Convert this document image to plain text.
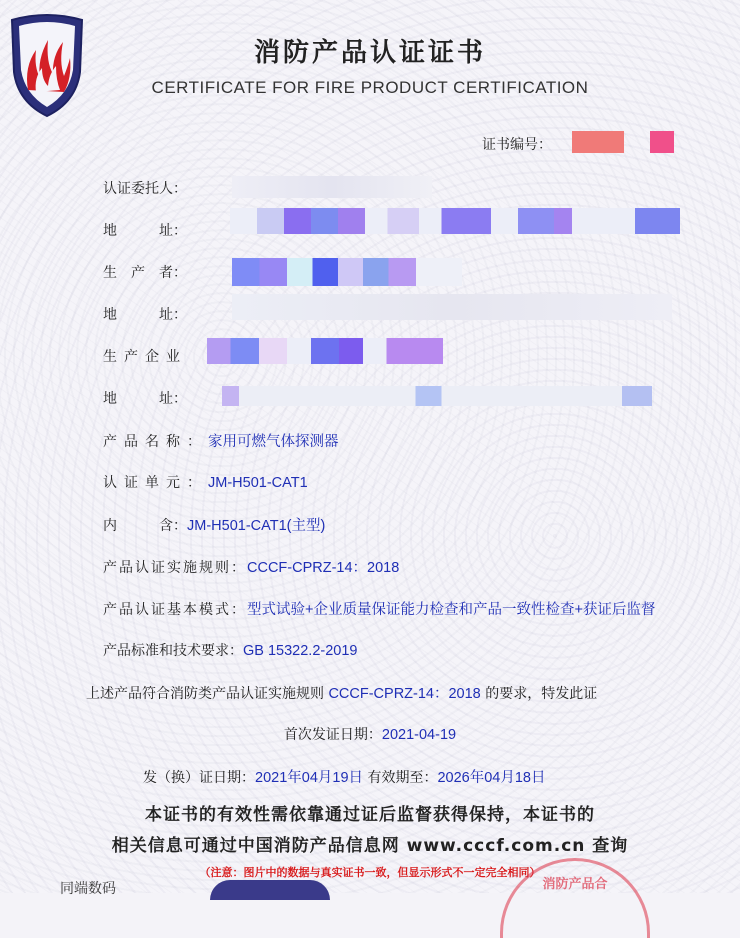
消防产品认证证书
CERTIFICATE FOR FIRE PRODUCT CERTIFICATION
证书编号：
认证委托人：
地　　　址：
生　产　者：
地　　　址：
生产企业
地　　　址：
产品名称：家用可燃气体探测器
认证单元：JM-H501-CAT1
内　　　含：JM-H501-CAT1(主型)
产品认证实施规则：CCCF-CPRZ-14：2018
产品认证基本模式：型式试验+企业质量保证能力检查和产品一致性检查+获证后监督
产品标准和技术要求：GB 15322.2-2019
上述产品符合消防类产品认证实施规则 CCCF-CPRZ-14：2018 的要求，特发此证
首次发证日期：2021-04-19
发（换）证日期：2021年04月19日 有效期至：2026年04月18日
本证书的有效性需依靠通过证后监督获得保持，本证书的
相关信息可通过中国消防产品信息网 www.cccf.com.cn 查询
（注意：图片中的数据与真实证书一致，但显示形式不一定完全相同）
同端数码	消防产品合
